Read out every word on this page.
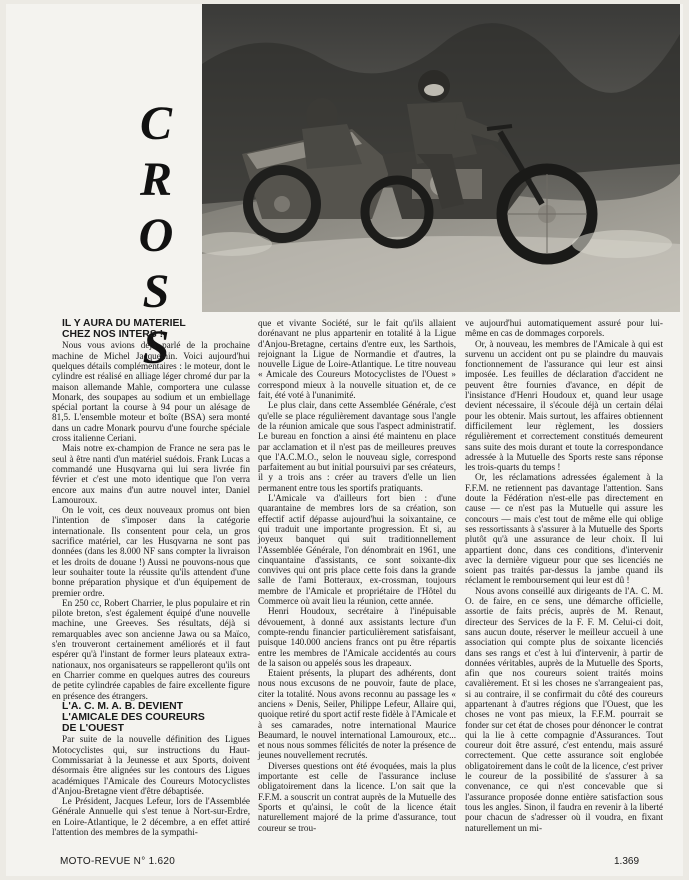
C
R
O
S
S

IL Y AURA DU MATERIEL

CHEZ NOS INTERS !

Nous vous avions déjà parlé de la prochaine machine de Michel Jacquemin. Voici aujourd'hui quelques détails complémentaires : le moteur, dont le cylindre est réalisé en alliage léger chromé dur par la maison allemande Mahle, comportera une culasse Monark, des soupapes au sodium et un embiellage spécial portant la course à 94 pour un alésage de 81,5. L'ensemble moteur et boîte (BSA) sera monté dans un cadre Monark pourvu d'une fourche spéciale cross italienne Ceriani.

Mais notre ex-champion de France ne sera pas le seul à être nanti d'un matériel suédois. Frank Lucas a commandé une Husqvarna qui lui sera livrée fin février et c'est une moto identique que l'on verra encore aux mains d'un autre nouvel inter, Daniel Lamouroux.

On le voit, ces deux nouveaux promus ont bien l'intention de s'imposer dans la catégorie internationale. Ils consentent pour cela, un gros sacrifice matériel, car les Husqvarna ne sont pas données (dans les 8.000 NF sans compter la livraison et les droits de douane !) Aussi ne pouvons-nous que leur souhaiter toute la réussite qu'ils attendent d'une bonne préparation physique et d'un équipement de premier ordre.

En 250 cc, Robert Charrier, le plus populaire et rin pilote breton, s'est également équipé d'une nouvelle machine, une Greeves. Ses résultats, déjà si remarquables avec son ancienne Jawa ou sa Maïco, s'en trouveront certainement améliorés et il faut espérer qu'à l'instant de former leurs plateaux extra-nationaux, nos organisateurs se rappelleront qu'ils ont en Charrier comme en quelques autres des coureurs de petite cylindrée capables de faire excellente figure en présence des étrangers.

L'A. C. M. A. B. DEVIENT

L'AMICALE DES COUREURS

DE L'OUEST

Par suite de la nouvelle définition des Ligues Motocyclistes qui, sur instructions du Haut-Commissariat à la Jeunesse et aux Sports, doivent désormais être alignées sur les contours des Ligues académiques l'Amicale des Coureurs Motocyclistes d'Anjou-Bretagne vient d'être débaptisée.

Le Président, Jacques Lefeur, lors de l'Assemblée Générale Annuelle qui s'est tenue à Nort-sur-Erdre, en Loire-Atlantique, le 2 décembre, a en effet attiré l'attention des membres de la sympathi-

que et vivante Société, sur le fait qu'ils allaient dorénavant ne plus appartenir en totalité à la Ligue d'Anjou-Bretagne, certains d'entre eux, les Sarthois, rejoignant la Ligue de Normandie et d'autres, la nouvelle Ligue de Loire-Atlantique. Le titre nouveau « Amicale des Coureurs Motocyclistes de l'Ouest » correspond mieux à la nouvelle situation et, de ce fait, été voté à l'unanimité.

Le plus clair, dans cette Assemblée Générale, c'est qu'elle se place régulièrement davantage sous l'angle de la réunion amicale que sous l'aspect administratif. Le bureau en fonction a ainsi été maintenu en place par acclamation et il n'est pas de meilleures preuves que l'A.C.M.O., selon le nouveau sigle, correspond parfaitement au but initial poursuivi par ses créateurs, il y a trois ans : créer au travers d'elle un lien permanent entre tous les sportifs pratiquants.

L'Amicale va d'ailleurs fort bien : d'une quarantaine de membres lors de sa création, son effectif actif dépasse aujourd'hui la soixantaine, ce qui traduit une importante progression. Et si, au joyeux banquet qui suit traditionnellement l'Assemblée Générale, l'on dénombrait en 1961, une cinquantaine d'assistants, ce sont soixante-dix convives qui ont pris place cette fois dans la grande salle de l'ami Botteraux, ex-crossman, toujours membre de l'Amicale et propriétaire de l'Hôtel du Commerce où avait lieu la réunion, cette année.

Henri Houdoux, secrétaire à l'inépuisable dévouement, à donné aux assistants lecture d'un compte-rendu financier particulièrement satisfaisant, puisque 140.000 anciens francs ont pu être répartis entre les membres de l'Amicale accidentés au cours de la saison ou appelés sous les drapeaux.

Etaient présents, la plupart des adhérents, dont nous nous excusons de ne pouvoir, faute de place, citer la totalité. Nous avons reconnu au passage les « anciens » Denis, Seiler, Philippe Lefeur, Allaire qui, quoique retiré du sport actif reste fidèle à l'Amicale et à ses camarades, notre international Maurice Beaumard, le nouvel international Lamouroux, etc... et nous nous sommes félicités de noter la présence de jeunes nouvellement recrutés.

Diverses questions ont été évoquées, mais la plus importante est celle de l'assurance incluse obligatoirement dans la licence. L'on sait que la F.F.M. a souscrit un contrat auprès de la Mutuelle des Sports et qu'ainsi, le coût de la licence était naturellement majoré de la prime d'assurance, tout coureur se trou-

ve aujourd'hui automatiquement assuré pour lui-même en cas de dommages corporels.

Or, à nouveau, les membres de l'Amicale à qui est survenu un accident ont pu se plaindre du mauvais fonctionnement de l'assurance qui leur est ainsi imposée. Les feuilles de déclaration d'accident ne peuvent être fournies d'avance, en dépit de l'insistance d'Henri Houdoux et, quand leur usage devient nécessaire, il s'écoule déjà un certain délai pour les obtenir. Mais surtout, les affaires obtiennent difficilement leur règlement, les dossiers régulièrement et correctement constitués demeurent sans suite des mois durant et toute la correspondance adressée à la Mutuelle des Sports reste sans réponse les trois-quarts du temps !

Or, les réclamations adressées également à la F.F.M. ne retiennent pas davantage l'attention. Sans doute la Fédération n'est-elle pas directement en cause — ce n'est pas la Mutuelle qui assure les concours — mais c'est tout de même elle qui oblige ses ressortissants à s'assurer à la Mutuelle des Sports plutôt qu'à une assurance de leur choix. Il lui appartient donc, dans ces conditions, d'intervenir avec la dernière vigueur pour que ses licenciés ne soient pas traités par-dessus la jambe quand ils réclament le remboursement qui leur est dû !

Nous avons conseillé aux dirigeants de l'A. C. M. O. de faire, en ce sens, une démarche officielle, assortie de faits précis, auprès de M. Renaut, directeur des Services de la F. F. M. Celui-ci doit, sans aucun doute, réserver le meilleur accueil à une association qui compte plus de soixante licenciés dans ses rangs et c'est à lui d'intervenir, à partir de données véritables, auprès de la Mutuelle des Sports, afin que nos coureurs soient traités moins cavalièrement. Et si les choses ne s'arrangeaient pas, si au contraire, il se confirmait du côté des coureurs appartenant à d'autres régions que l'Ouest, que les choses ne vont pas mieux, la F.F.M. pourrait se fonder sur cet état de choses pour dénoncer le contrat qui la lie à cette compagnie d'Assurances. Tout coureur doit être assuré, c'est entendu, mais assuré correctement. Que cette assurance soit englobée obligatoirement dans le coût de la licence, c'est priver le coureur de la possibilité de s'assurer à sa convenance, ce qui n'est concevable que si l'assurance proposée donne entière satisfaction sous tous les angles. Sinon, il faudra en revenir à la liberté pour chacun de s'adresser où il voudra, en fixant naturellement un mi-

MOTO-REVUE N° 1.620	1.369
